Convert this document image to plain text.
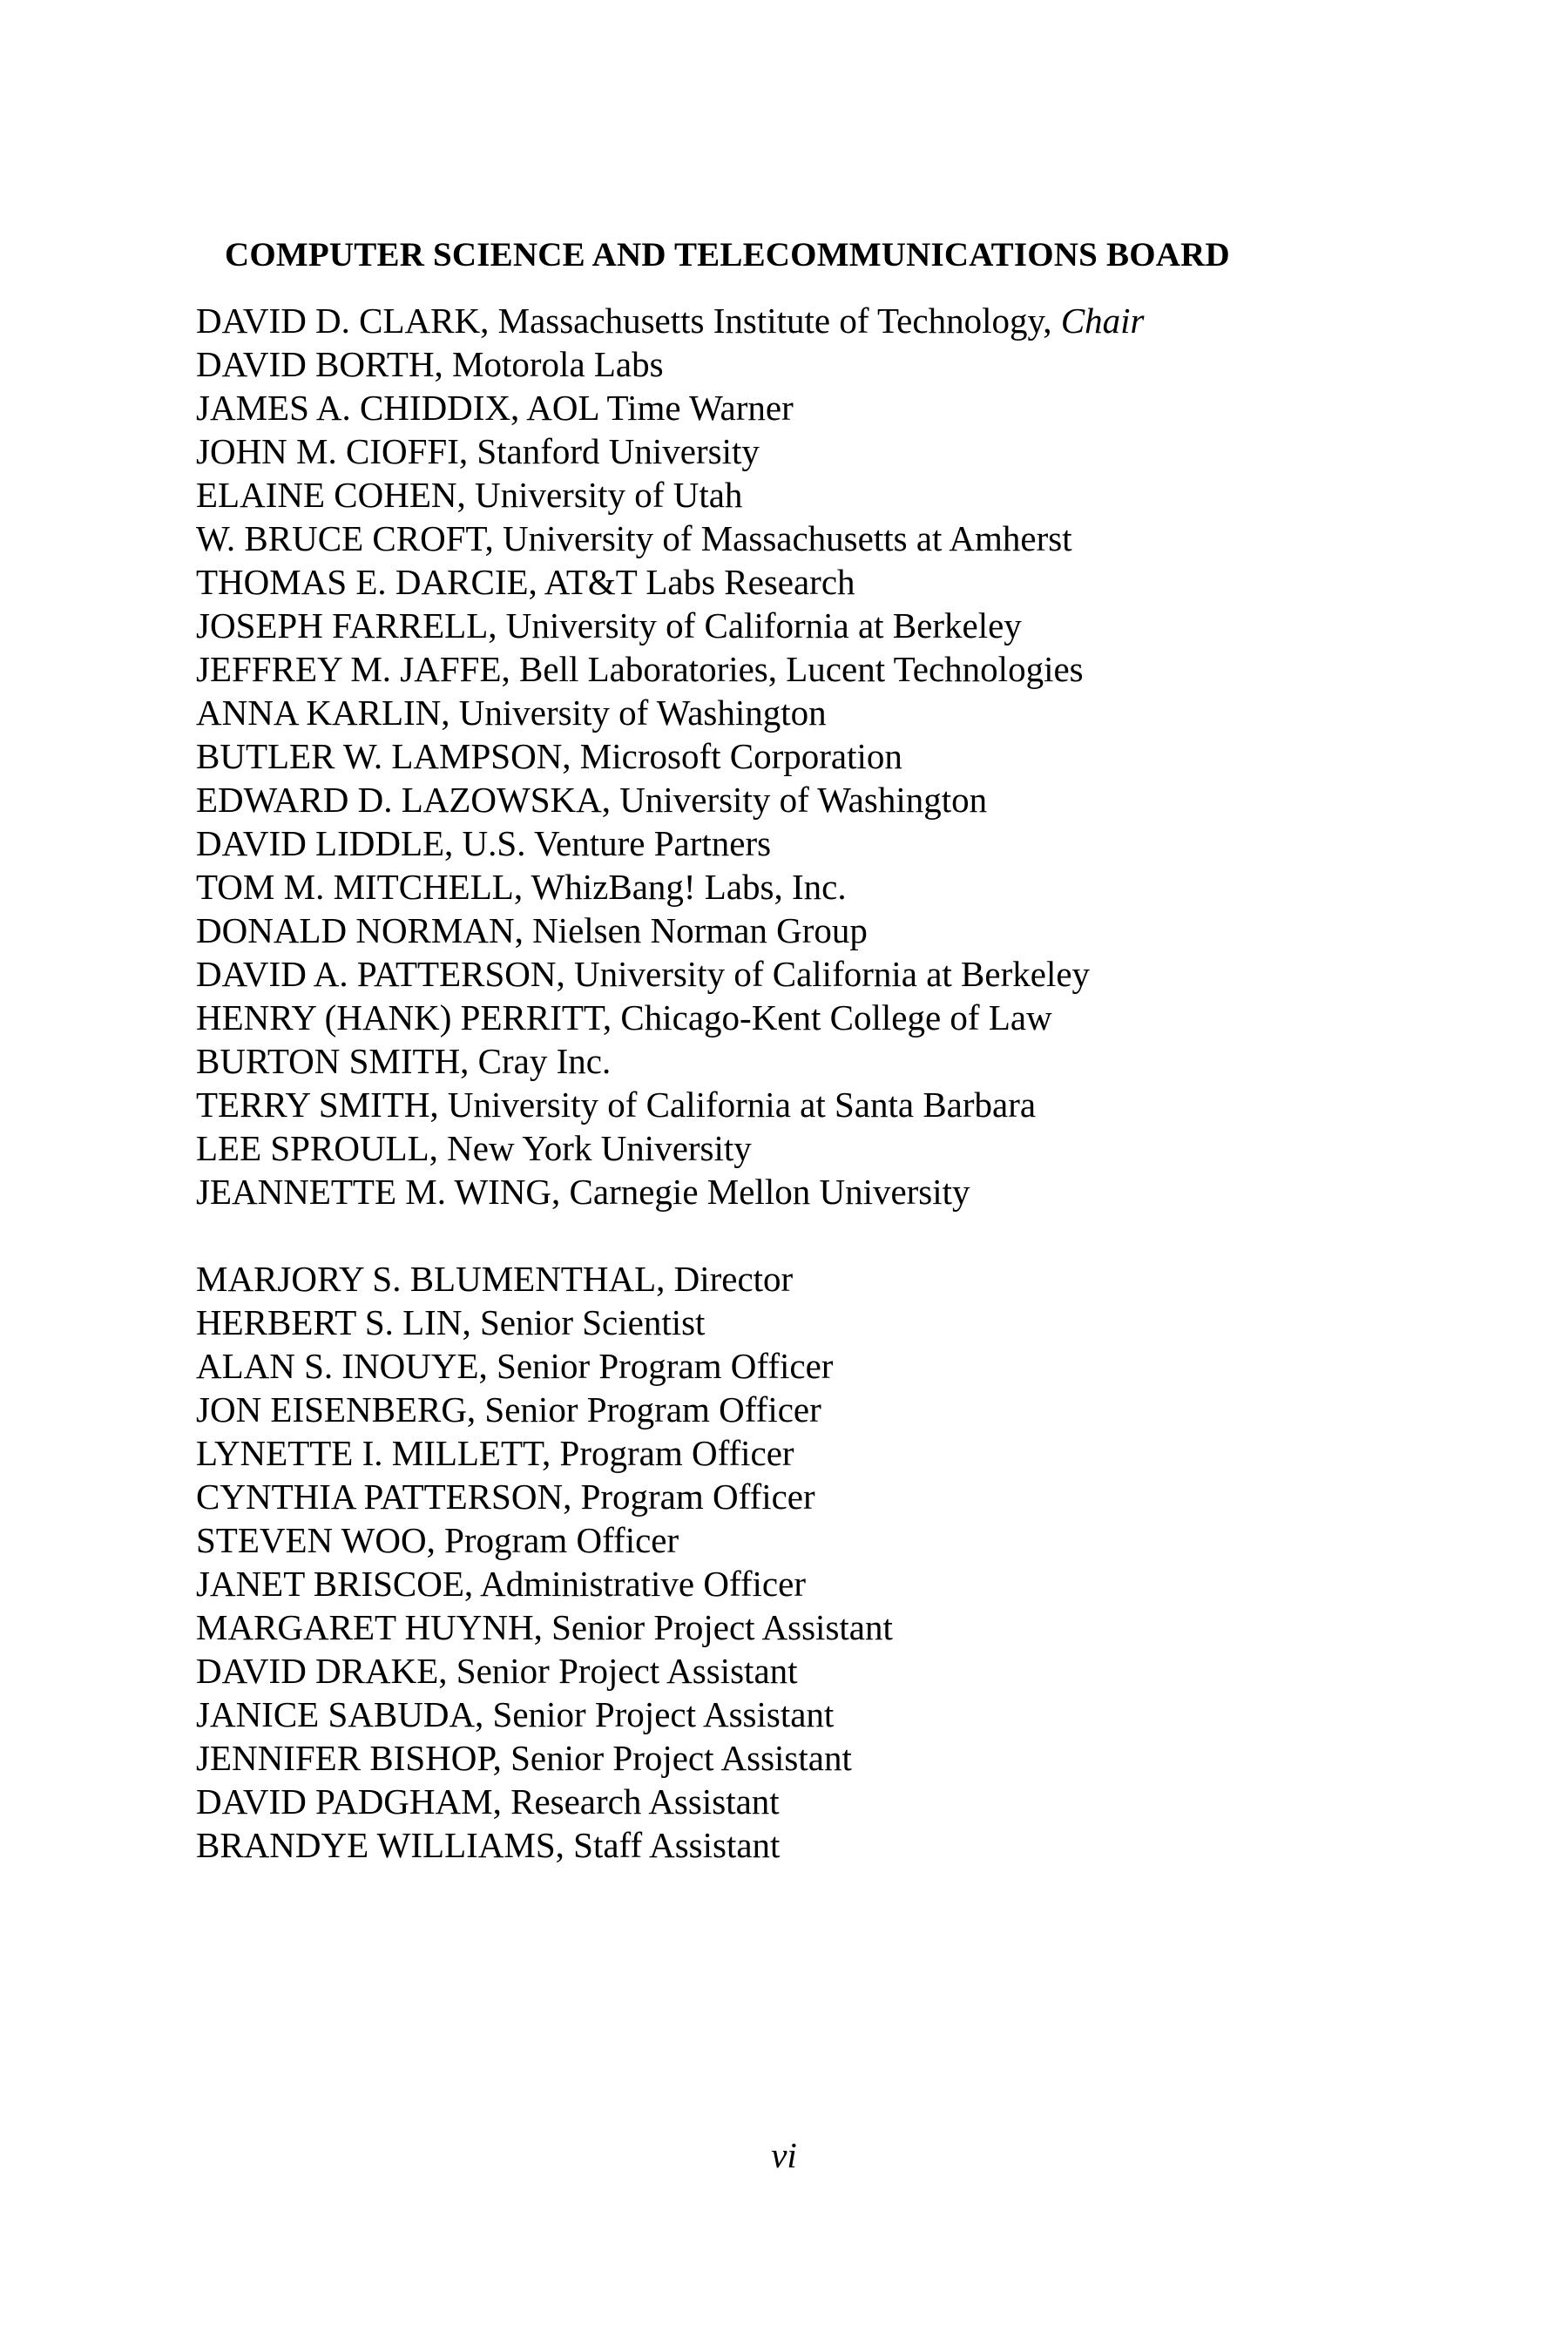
COMPUTER SCIENCE AND TELECOMMUNICATIONS BOARD
DAVID D. CLARK, Massachusetts Institute of Technology, Chair
DAVID BORTH, Motorola Labs
JAMES A. CHIDDIX, AOL Time Warner
JOHN M. CIOFFI, Stanford University
ELAINE COHEN, University of Utah
W. BRUCE CROFT, University of Massachusetts at Amherst
THOMAS E. DARCIE, AT&T Labs Research
JOSEPH FARRELL, University of California at Berkeley
JEFFREY M. JAFFE, Bell Laboratories, Lucent Technologies
ANNA KARLIN, University of Washington
BUTLER W. LAMPSON, Microsoft Corporation
EDWARD D. LAZOWSKA, University of Washington
DAVID LIDDLE, U.S. Venture Partners
TOM M. MITCHELL, WhizBang! Labs, Inc.
DONALD NORMAN, Nielsen Norman Group
DAVID A. PATTERSON, University of California at Berkeley
HENRY (HANK) PERRITT, Chicago-Kent College of Law
BURTON SMITH, Cray Inc.
TERRY SMITH, University of California at Santa Barbara
LEE SPROULL, New York University
JEANNETTE M. WING, Carnegie Mellon University
MARJORY S. BLUMENTHAL, Director
HERBERT S. LIN, Senior Scientist
ALAN S. INOUYE, Senior Program Officer
JON EISENBERG, Senior Program Officer
LYNETTE I. MILLETT, Program Officer
CYNTHIA PATTERSON, Program Officer
STEVEN WOO, Program Officer
JANET BRISCOE, Administrative Officer
MARGARET HUYNH, Senior Project Assistant
DAVID DRAKE, Senior Project Assistant
JANICE SABUDA, Senior Project Assistant
JENNIFER BISHOP, Senior Project Assistant
DAVID PADGHAM, Research Assistant
BRANDYE WILLIAMS, Staff Assistant
vi
